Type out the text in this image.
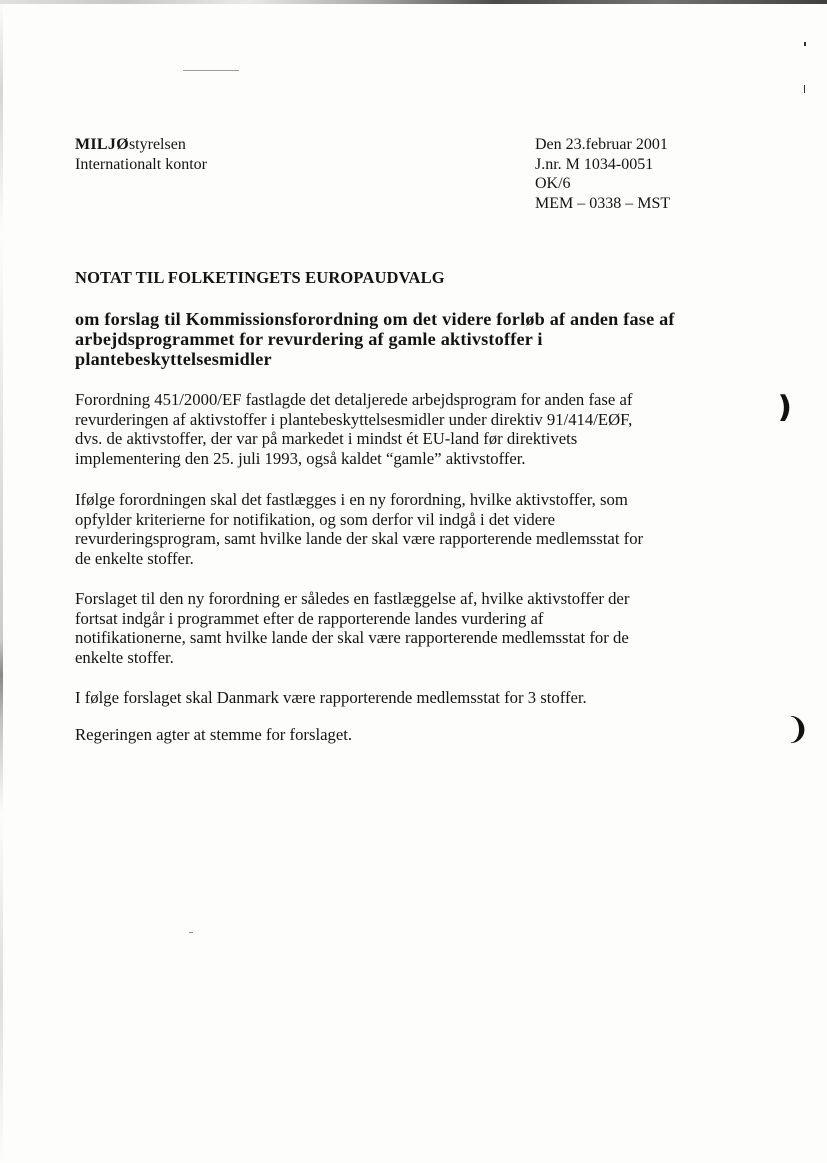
❫
❩
MILJØstyrelsen
Internationalt kontor
Den 23.februar 2001
J.nr. M 1034-0051
OK/6
MEM – 0338 – MST
NOTAT TIL FOLKETINGETS EUROPAUDVALG
om forslag til Kommissionsforordning om det videre forløb af anden fase af
arbejdsprogrammet for revurdering af gamle aktivstoffer i
plantebeskyttelsesmidler

Forordning 451/2000/EF fastlagde det detaljerede arbejdsprogram for anden fase af
revurderingen af aktivstoffer i plantebeskyttelsesmidler under direktiv 91/414/EØF,
dvs. de aktivstoffer, der var på markedet i mindst ét EU-land før direktivets
implementering den 25. juli 1993, også kaldet “gamle” aktivstoffer.

Ifølge forordningen skal det fastlægges i en ny forordning, hvilke aktivstoffer, som
opfylder kriterierne for notifikation, og som derfor vil indgå i det videre
revurderingsprogram, samt hvilke lande der skal være rapporterende medlemsstat for
de enkelte stoffer.

Forslaget til den ny forordning er således en fastlæggelse af, hvilke aktivstoffer der
fortsat indgår i programmet efter de rapporterende landes vurdering af
notifikationerne, samt hvilke lande der skal være rapporterende medlemsstat for de
enkelte stoffer.

I følge forslaget skal Danmark være rapporterende medlemsstat for 3 stoffer.

Regeringen agter at stemme for forslaget.
